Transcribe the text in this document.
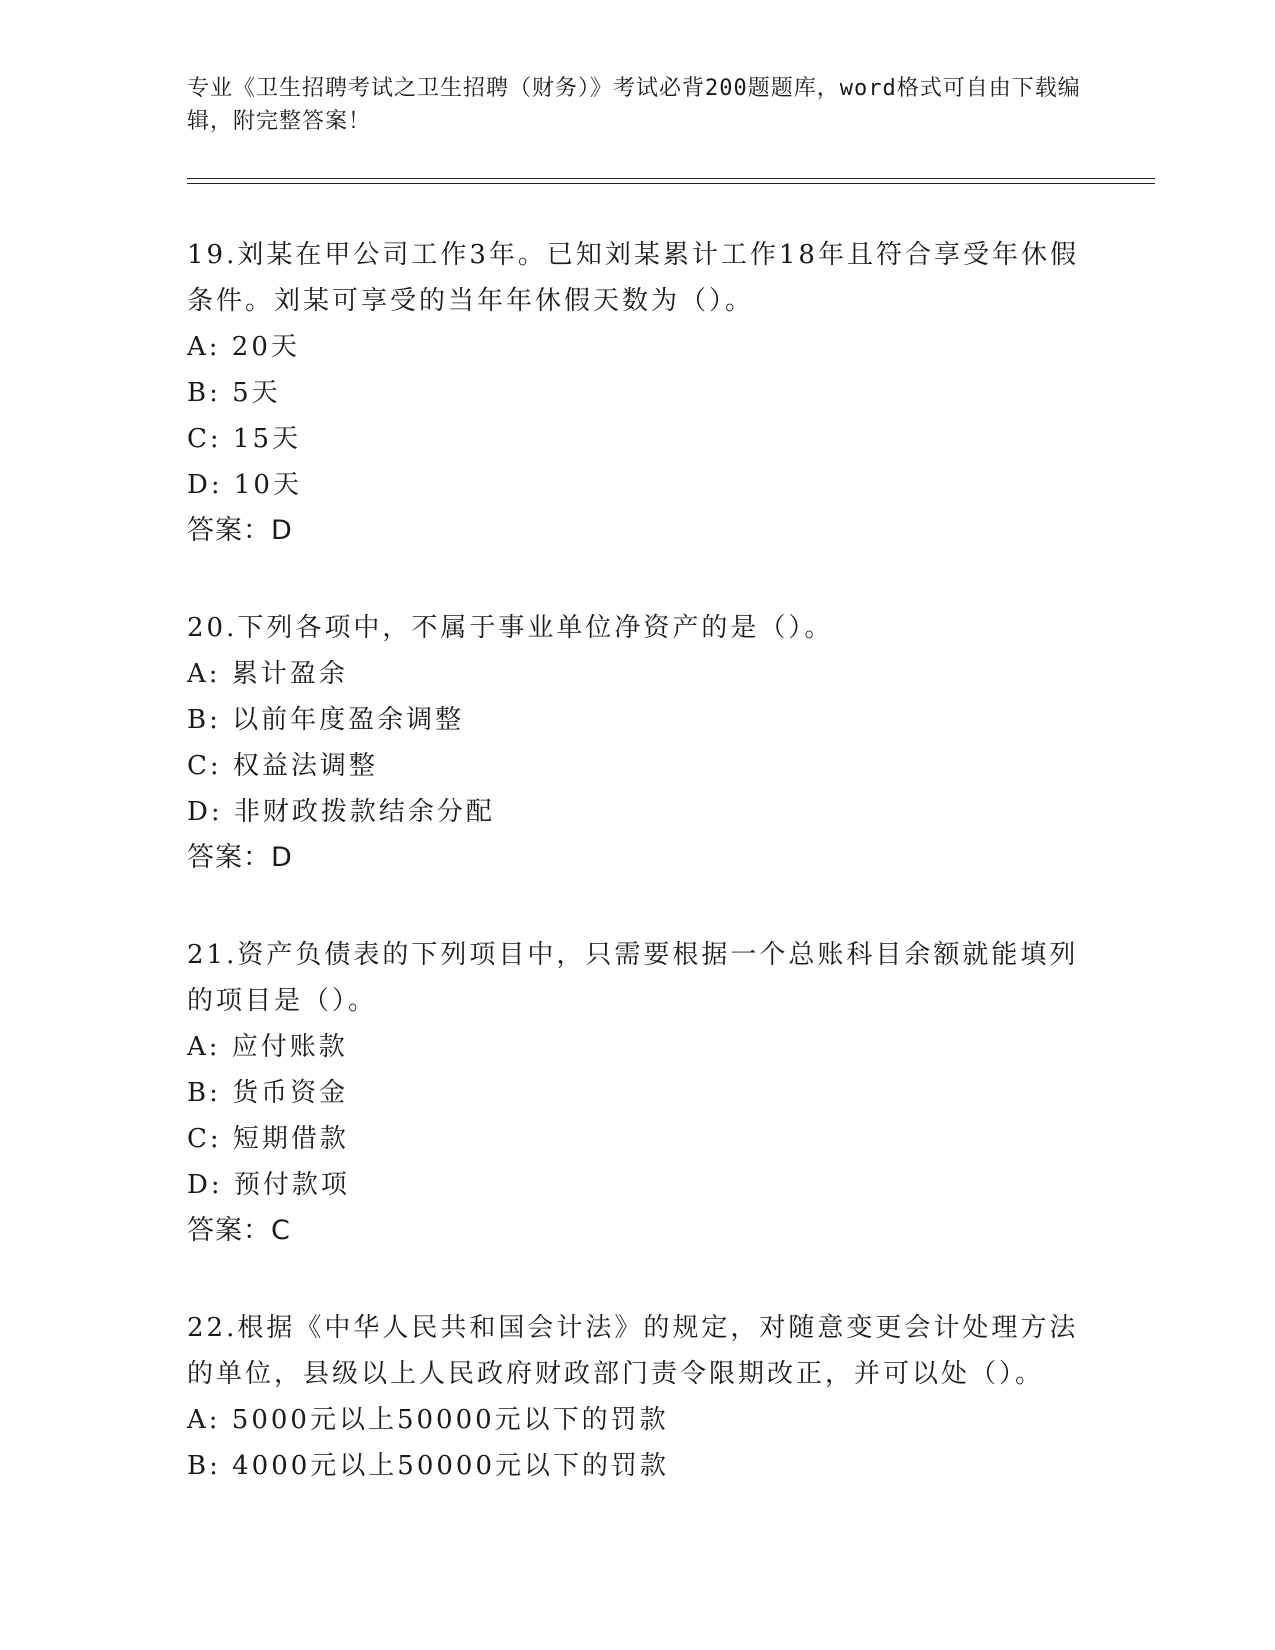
专业《卫生招聘考试之卫生招聘（财务）》考试必背200题题库，word格式可自由下载编辑，附完整答案！
19.刘某在甲公司工作3年。已知刘某累计工作18年且符合享受年休假条件。刘某可享受的当年年休假天数为（）。
A: 20天
B: 5天
C: 15天
D: 10天
答案：D
20.下列各项中，不属于事业单位净资产的是（）。
A: 累计盈余
B: 以前年度盈余调整
C: 权益法调整
D: 非财政拨款结余分配
答案：D
21.资产负债表的下列项目中，只需要根据一个总账科目余额就能填列的项目是（）。
A: 应付账款
B: 货币资金
C: 短期借款
D: 预付款项
答案：C
22.根据《中华人民共和国会计法》的规定，对随意变更会计处理方法的单位，县级以上人民政府财政部门责令限期改正，并可以处（）。
A: 5000元以上50000元以下的罚款
B: 4000元以上50000元以下的罚款
